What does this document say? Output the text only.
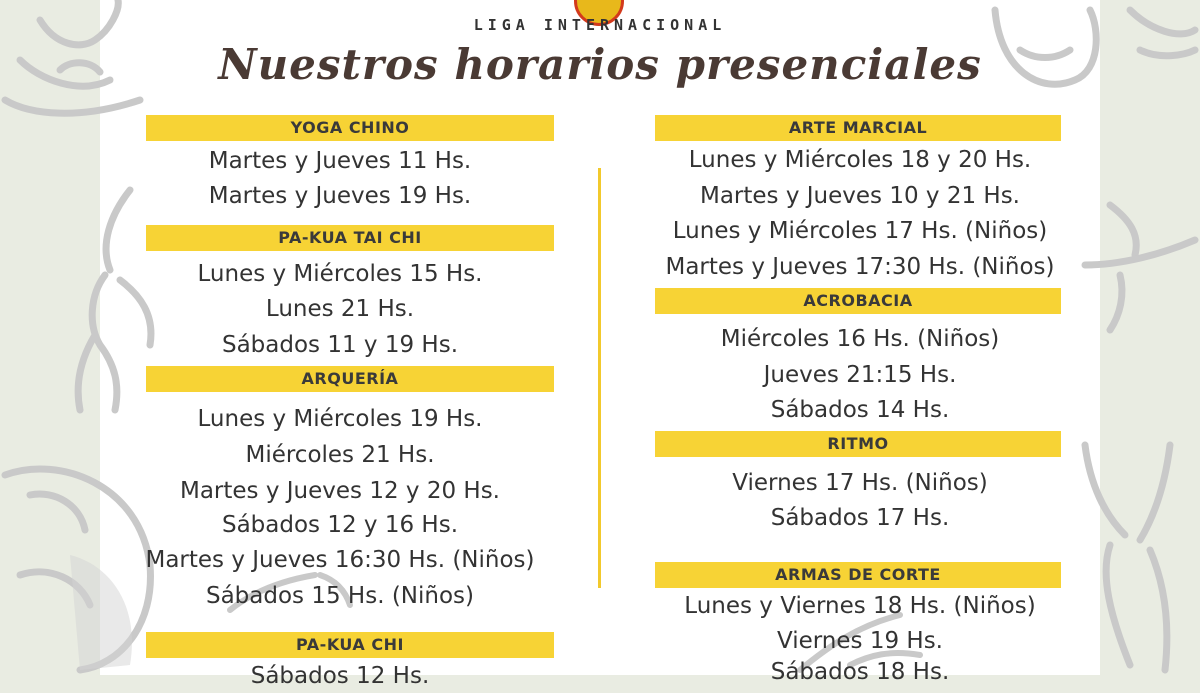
LIGA INTERNACIONAL
Nuestros horarios presenciales
YOGA CHINO
Martes y Jueves 11 Hs.
Martes y Jueves 19 Hs.
PA-KUA TAI CHI
Lunes y Miércoles 15 Hs.
Lunes 21 Hs.
Sábados 11 y 19 Hs.
ARQUERÍA
Lunes y Miércoles 19 Hs.
Miércoles 21 Hs.
Martes y Jueves 12 y 20 Hs.
Sábados 12 y 16 Hs.
Martes y Jueves 16:30 Hs. (Niños)
Sábados 15 Hs. (Niños)
PA-KUA CHI
Sábados 12 Hs.
ARTE MARCIAL
Lunes y Miércoles 18 y 20 Hs.
Martes y Jueves 10 y 21 Hs.
Lunes y Miércoles 17 Hs. (Niños)
Martes y Jueves 17:30 Hs. (Niños)
ACROBACIA
Miércoles 16 Hs. (Niños)
Jueves 21:15 Hs.
Sábados 14 Hs.
RITMO
Viernes 17 Hs. (Niños)
Sábados 17 Hs.
ARMAS DE CORTE
Lunes y Viernes 18 Hs. (Niños)
Viernes 19 Hs.
Sábados 18 Hs.
